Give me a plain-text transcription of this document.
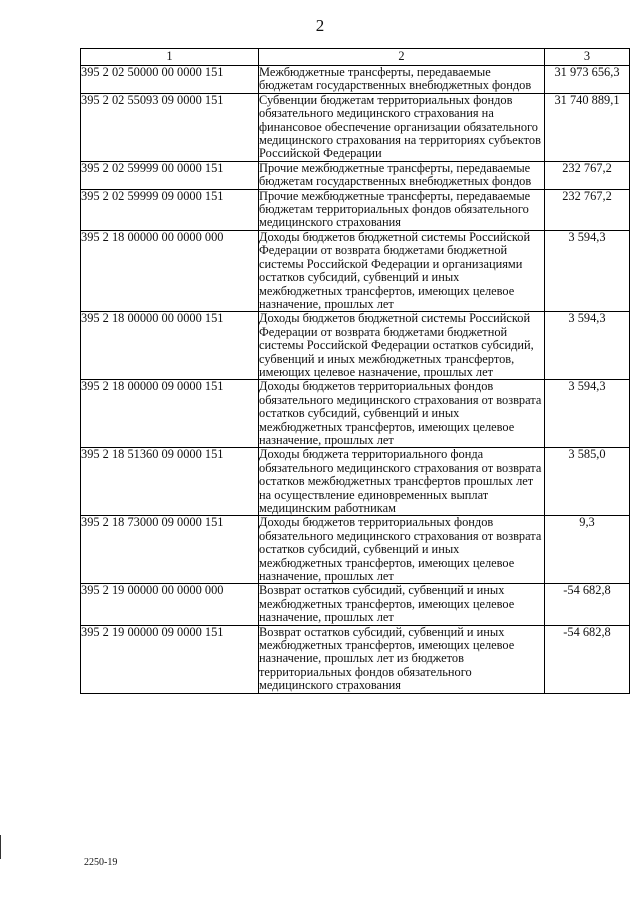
2
1	2	3
395 2 02 50000 00 0000 151	Межбюджетные трансферты, передаваемые бюджетам государственных внебюджетных фондов	31 973 656,3
395 2 02 55093 09 0000 151	Субвенции бюджетам территориальных фондов обязательного медицинского страхования на финансовое обеспечение организации обязательного медицинского страхования на территориях субъектов Российской Федерации	31 740 889,1
395 2 02 59999 00 0000 151	Прочие межбюджетные трансферты, передаваемые бюджетам государственных внебюджетных фондов	232 767,2
395 2 02 59999 09 0000 151	Прочие межбюджетные трансферты, передаваемые бюджетам территориальных фондов обязательного медицинского страхования	232 767,2
395 2 18 00000 00 0000 000	Доходы бюджетов бюджетной системы Российской Федерации от возврата бюджетами бюджетной системы Российской Федерации и организациями остатков субсидий, субвенций и иных межбюджетных трансфертов, имеющих целевое назначение, прошлых лет	3 594,3
395 2 18 00000 00 0000 151	Доходы бюджетов бюджетной системы Российской Федерации от возврата бюджетами бюджетной системы Российской Федерации остатков субсидий, субвенций и иных межбюджетных трансфертов, имеющих целевое назначение, прошлых лет	3 594,3
395 2 18 00000 09 0000 151	Доходы бюджетов территориальных фондов обязательного медицинского страхования от возврата остатков субсидий, субвенций и иных межбюджетных трансфертов, имеющих целевое назначение, прошлых лет	3 594,3
395 2 18 51360 09 0000 151	Доходы бюджета территориального фонда обязательного медицинского страхования от возврата остатков межбюджетных трансфертов прошлых лет на осуществление единовременных выплат медицинским работникам	3 585,0
395 2 18 73000 09 0000 151	Доходы бюджетов территориальных фондов обязательного медицинского страхования от возврата остатков субсидий, субвенций и иных межбюджетных трансфертов, имеющих целевое назначение, прошлых лет	9,3
395 2 19 00000 00 0000 000	Возврат остатков субсидий, субвенций и иных межбюджетных трансфертов, имеющих целевое назначение, прошлых лет	-54 682,8
395 2 19 00000 09 0000 151	Возврат остатков субсидий, субвенций и иных межбюджетных трансфертов, имеющих целевое назначение, прошлых лет из бюджетов территориальных фондов обязательного медицинского страхования	-54 682,8
2250-19
